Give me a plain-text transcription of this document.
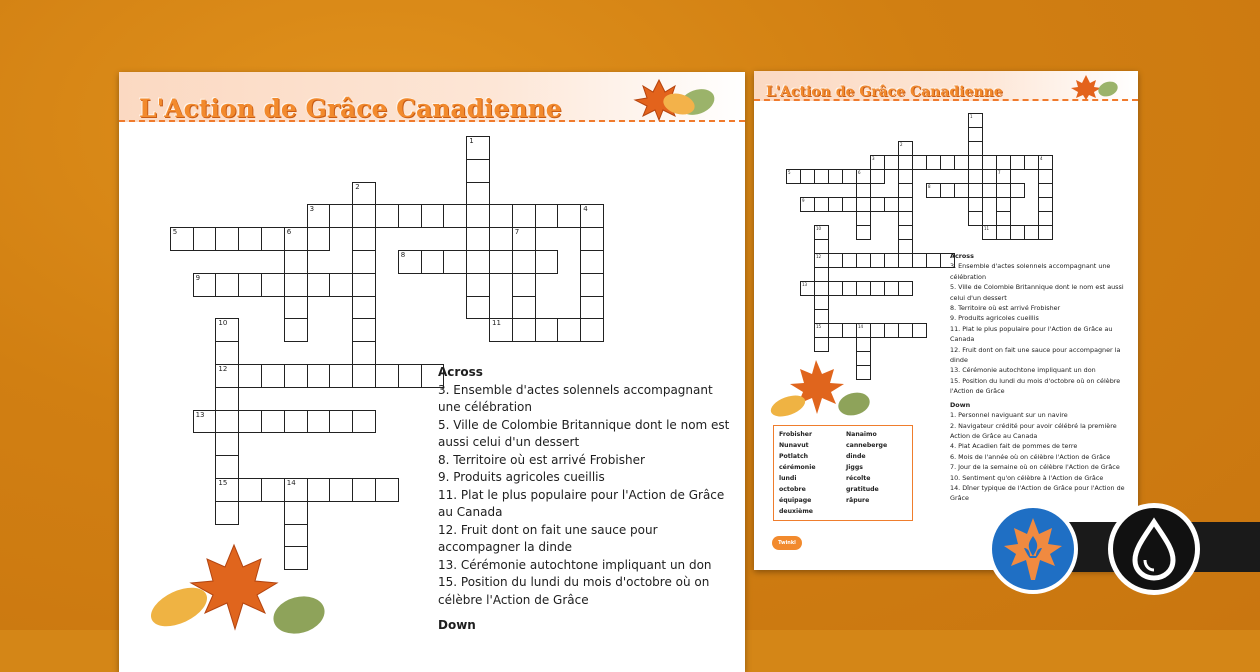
L'Action de Grâce Canadienne
1
2
3	4
5	6	7
8
9
10
12
11
13
14
15
Across
3. Ensemble d'actes solennels accompagnant une célébration
5. Ville de Colombie Britannique dont le nom est aussi celui d'un dessert
8. Territoire où est arrivé Frobisher
9. Produits agricoles cueillis
11. Plat le plus populaire pour l'Action de Grâce au Canada
12. Fruit dont on fait une sauce pour accompagner la dinde
13. Cérémonie autochtone impliquant un don
15. Position du lundi du mois d'octobre où on célèbre l'Action de Grâce
Down
L'Action de Grâce Canadienne
1
2
3	4
5	6	7
8
9
10
12
11
13
14
15
Across
3. Ensemble d'actes solennels accompagnant une célébration
5. Ville de Colombie Britannique dont le nom est aussi celui d'un dessert
8. Territoire où est arrivé Frobisher
9. Produits agricoles cueillis
11. Plat le plus populaire pour l'Action de Grâce au Canada
12. Fruit dont on fait une sauce pour accompagner la dinde
13. Cérémonie autochtone impliquant un don
15. Position du lundi du mois d'octobre où on célèbre l'Action de Grâce
Down
1. Personnel naviguant sur un navire
2. Navigateur crédité pour avoir célébré la première Action de Grâce au Canada
4. Plat Acadien fait de pommes de terre
6. Mois de l'année où on célèbre l'Action de Grâce
7. Jour de la semaine où on célèbre l'Action de Grâce
10. Sentiment qu'on célèbre à l'Action de Grâce
14. Dîner typique de l'Action de Grâce pour l'Action de Grâce
Frobisher
Nunavut
Potlatch
cérémonie
lundi
octobre
équipage
deuxième
Nanaimo
canneberge
dinde
Jiggs
récolte
gratitude
râpure
Twinkl
